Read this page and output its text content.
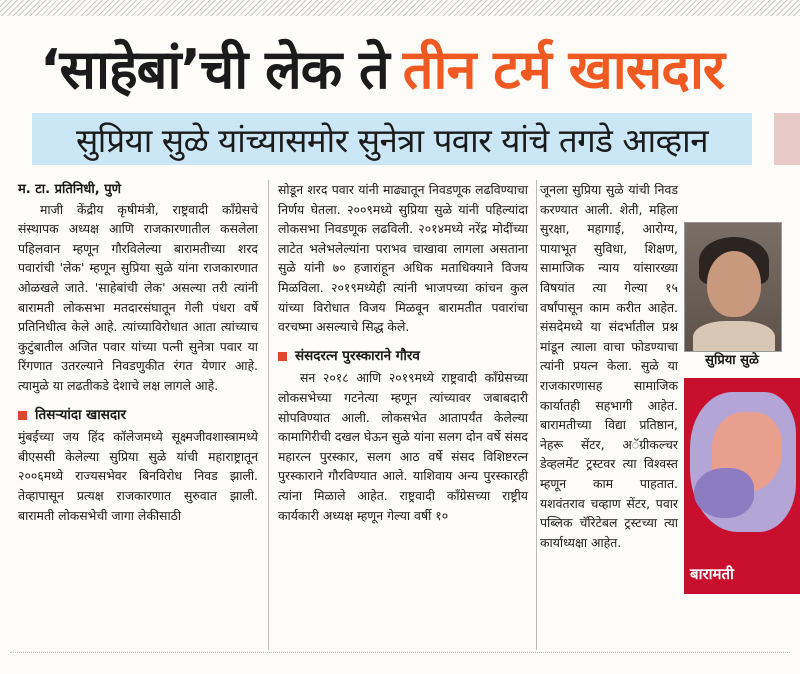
‘साहेबां’ची लेक ते तीन टर्म खासदार
सुप्रिया सुळे यांच्यासमोर सुनेत्रा पवार यांचे तगडे आव्हान

म. टा. प्रतिनिधी, पुणे

माजी केंद्रीय कृषीमंत्री, राष्ट्रवादी काँग्रेसचे संस्थापक अध्यक्ष आणि राजकारणातील कसलेला पहिलवान म्हणून गौरविलेल्या बारामतीच्या शरद पवारांची 'लेक' म्हणून सुप्रिया सुळे यांना राजकारणात ओळखले जाते. 'साहेबांची लेक' असल्या तरी त्यांनी बारामती लोकसभा मतदारसंघातून गेली पंधरा वर्षे प्रतिनिधीत्व केले आहे. त्यांच्याविरोधात आता त्यांच्याच कुटुंबातील अजित पवार यांच्या पत्नी सुनेत्रा पवार या रिंगणात उतरल्याने निवडणुकीत रंगत येणार आहे. त्यामुळे या लढतीकडे देशाचे लक्ष लागले आहे.

तिसऱ्यांदा खासदार

मुंबईच्या जय हिंद कॉलेजमध्ये सूक्ष्मजीवशास्त्रामध्ये बीएससी केलेल्या सुप्रिया सुळे यांची महाराष्ट्रातून २००६मध्ये राज्यसभेवर बिनविरोध निवड झाली. तेव्हापासून प्रत्यक्ष राजकारणात सुरुवात झाली. बारामती लोकसभेची जागा लेकीसाठी

सोडून शरद पवार यांनी माढ्यातून निवडणूक लढविण्याचा निर्णय घेतला. २००९मध्ये सुप्रिया सुळे यांनी पहिल्यांदा लोकसभा निवडणूक लढविली. २०१४मध्ये नरेंद्र मोदींच्या लाटेत भलेभलेल्यांना पराभव चाखावा लागला असताना सुळे यांनी ७० हजारांहून अधिक मताधिक्याने विजय मिळविला. २०१९मध्येही त्यांनी भाजपच्या कांचन कुल यांच्या विरोधात विजय मिळवून बारामतीत पवारांचा वरचष्मा असल्याचे सिद्ध केले.

संसदरत्न पुरस्काराने गौरव

सन २०१८ आणि २०१९मध्ये राष्ट्रवादी काँग्रेसच्या लोकसभेच्या गटनेत्या म्हणून त्यांच्यावर जबाबदारी सोपविण्यात आली. लोकसभेत आतापर्यंत केलेल्या कामागिरीची दखल घेऊन सुळे यांना सलग दोन वर्षे संसद महारत्न पुरस्कार, सलग आठ वर्षे संसद विशिष्टरत्न पुरस्काराने गौरविण्यात आले. याशिवाय अन्य पुरस्कारही त्यांना मिळाले आहेत. राष्ट्रवादी काँग्रेसच्या राष्ट्रीय कार्यकारी अध्यक्ष म्हणून गेल्या वर्षी १०

जूनला सुप्रिया सुळे यांची निवड करण्यात आली. शेती, महिला सुरक्षा, महागाई, आरोग्य, पायाभूत सुविधा, शिक्षण, सामाजिक न्याय यांसारख्या विषयांत त्या गेल्या १५ वर्षांपासून काम करीत आहेत. संसदेमध्ये या संदर्भातील प्रश्न मांडून त्याला वाचा फोडण्याचा त्यांनी प्रयत्न केला. सुळे या राजकारणासह सामाजिक कार्यातही सहभागी आहेत. बारामतीच्या विद्या प्रतिष्ठान, नेहरू सेंटर, अॅग्रीकल्चर डेव्हलमेंट ट्रस्टवर त्या विश्वस्त म्हणून काम पाहतात. यशवंतराव चव्हाण सेंटर, पवार पब्लिक चॅरिटेबल ट्रस्टच्या त्या कार्याध्यक्षा आहेत.

सुप्रिया सुळे
बारामती
